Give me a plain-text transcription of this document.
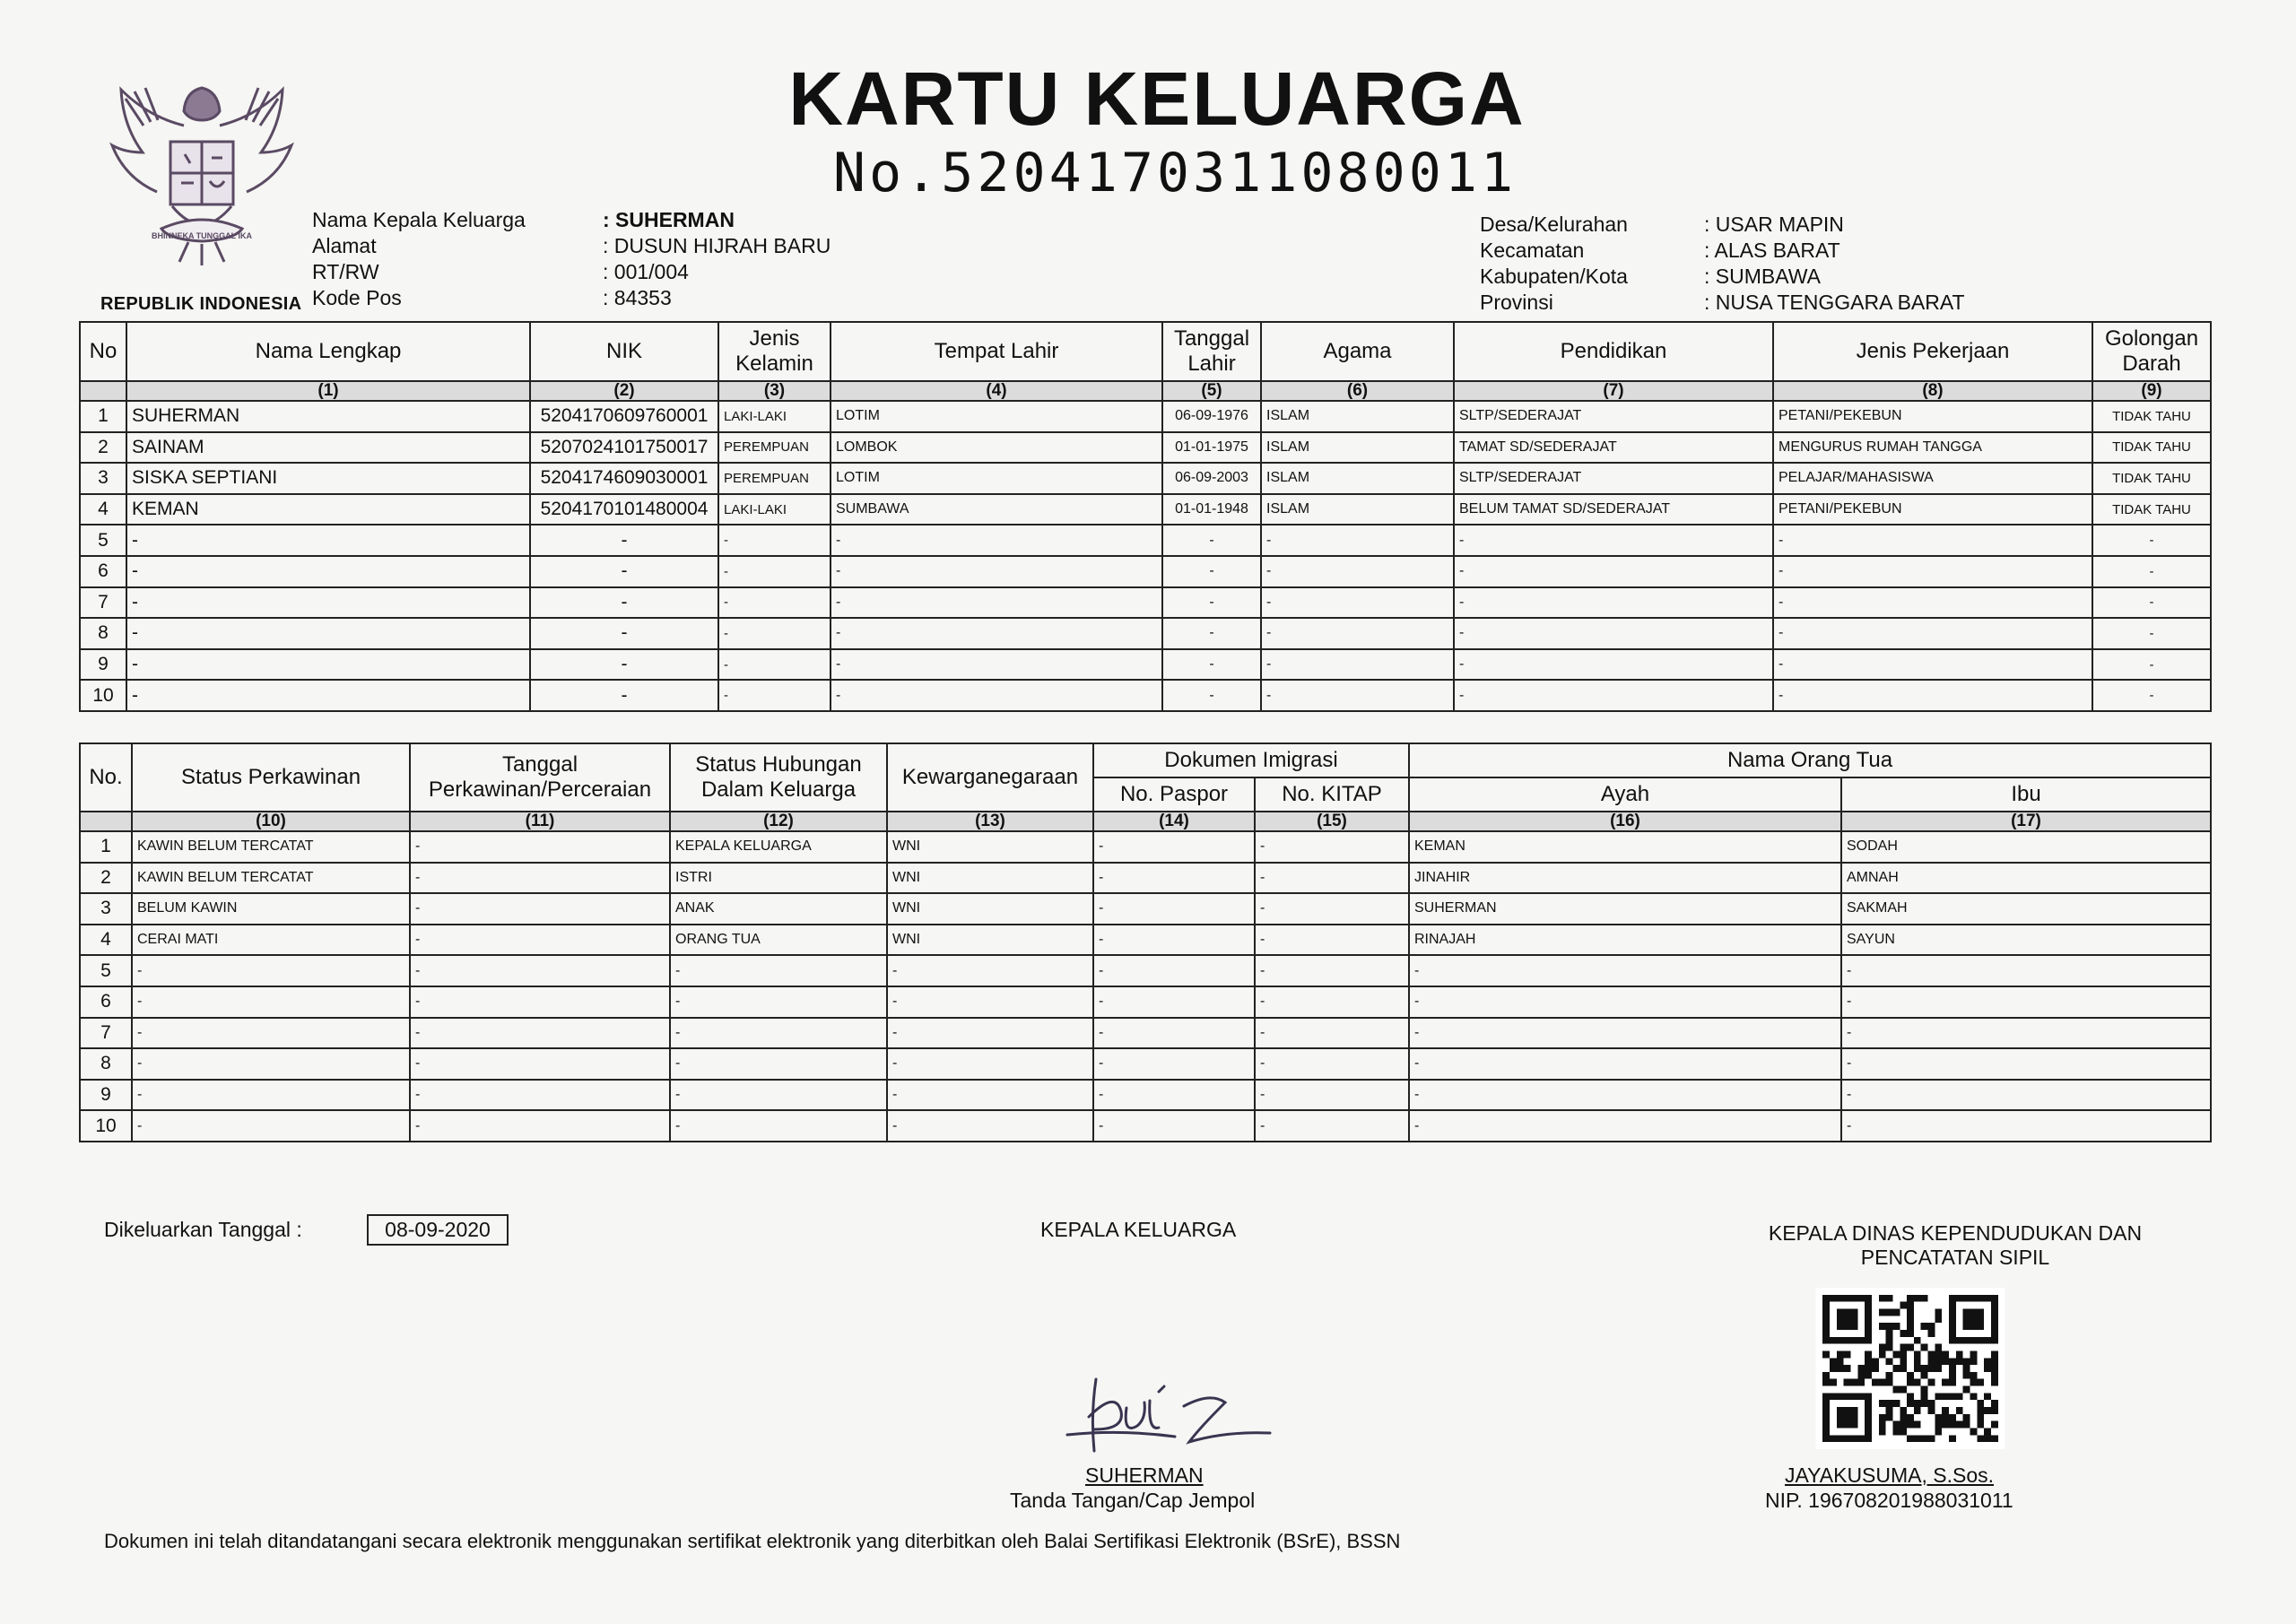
BHINNEKA TUNGGAL IKA
REPUBLIK INDONESIA
KARTU KELUARGA
No.5204170311080011
Nama Kepala Keluarga	: SUHERMAN
Alamat	: DUSUN HIJRAH BARU
RT/RW	: 001/004
Kode Pos	: 84353
Desa/Kelurahan	: USAR MAPIN
Kecamatan	: ALAS BARAT
Kabupaten/Kota	: SUMBAWA
Provinsi	: NUSA TENGGARA BARAT
No	Nama Lengkap	NIK	Jenis Kelamin	Tempat Lahir	Tanggal Lahir	Agama	Pendidikan	Jenis Pekerjaan	Golongan Darah
	(1)	(2)	(3)	(4)	(5)	(6)	(7)	(8)	(9)
1	SUHERMAN	5204170609760001	LAKI-LAKI	LOTIM	06-09-1976	ISLAM	SLTP/SEDERAJAT	PETANI/PEKEBUN	TIDAK TAHU
2	SAINAM	5207024101750017	PEREMPUAN	LOMBOK	01-01-1975	ISLAM	TAMAT SD/SEDERAJAT	MENGURUS RUMAH TANGGA	TIDAK TAHU
3	SISKA SEPTIANI	5204174609030001	PEREMPUAN	LOTIM	06-09-2003	ISLAM	SLTP/SEDERAJAT	PELAJAR/MAHASISWA	TIDAK TAHU
4	KEMAN	5204170101480004	LAKI-LAKI	SUMBAWA	01-01-1948	ISLAM	BELUM TAMAT SD/SEDERAJAT	PETANI/PEKEBUN	TIDAK TAHU
5	-	-	-	-	-	-	-	-	-
6	-	-	-	-	-	-	-	-	-
7	-	-	-	-	-	-	-	-	-
8	-	-	-	-	-	-	-	-	-
9	-	-	-	-	-	-	-	-	-
10	-	-	-	-	-	-	-	-	-
No.	Status Perkawinan	Tanggal Perkawinan/Perceraian	Status Hubungan Dalam Keluarga	Kewarganegaraan	Dokumen Imigrasi		Nama Orang Tua	
					No. Paspor	No. KITAP	Ayah	Ibu
	(10)	(11)	(12)	(13)	(14)	(15)	(16)	(17)
1	KAWIN BELUM TERCATAT	-	KEPALA KELUARGA	WNI	-	-	KEMAN	SODAH
2	KAWIN BELUM TERCATAT	-	ISTRI	WNI	-	-	JINAHIR	AMNAH
3	BELUM KAWIN	-	ANAK	WNI	-	-	SUHERMAN	SAKMAH
4	CERAI MATI	-	ORANG TUA	WNI	-	-	RINAJAH	SAYUN
5	-	-	-	-	-	-	-	-
6	-	-	-	-	-	-	-	-
7	-	-	-	-	-	-	-	-
8	-	-	-	-	-	-	-	-
9	-	-	-	-	-	-	-	-
10	-	-	-	-	-	-	-	-
Dikeluarkan Tanggal :	08-09-2020	KEPALA KELUARGA
SUHERMAN
Tanda Tangan/Cap Jempol
KEPALA DINAS KEPENDUDUKAN DAN
PENCATATAN SIPIL
JAYAKUSUMA, S.Sos.
NIP. 196708201988031011
Dokumen ini telah ditandatangani secara elektronik menggunakan sertifikat elektronik yang diterbitkan oleh Balai Sertifikasi Elektronik (BSrE), BSSN
